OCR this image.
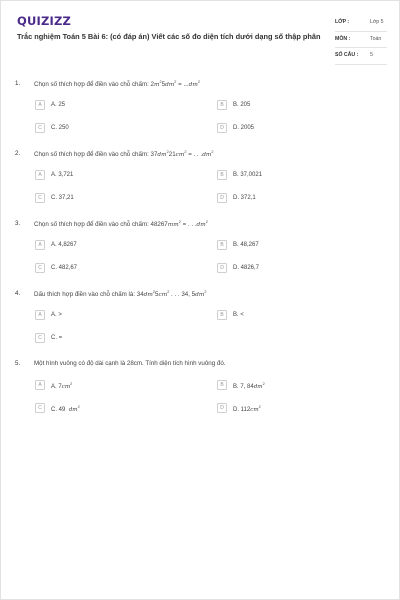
QUIZIZZ
Trắc nghiệm Toán 5 Bài 6: (có đáp án) Viết các số đo diện tích dưới dạng số thập phân
LỚP :	Lớp 5
MÔN :	Toán
SỐ CÂU : 5
1. Chọn số thích hợp để điền vào chỗ chấm: $2m^25dm^2 = ...dm^2$
A	A. 25	B	B. 205
C	C. 250	D	D. 2005
2. Chọn số thích hợp để điền vào chỗ chấm: $37dm^221cm^2$ = . . $.dm^2$
A	A. 3,721	B	B. 37,0021
C	C. 37,21	D	D. 372,1
3. Chọn số thích hợp để điền vào chỗ chấm: $48267mm^2$ = . . $.dm^2$
A	A. 4,8267	B	B. 48,267
C	C. 482,67	D	D. 4826,7
4. Dấu thích hợp điền vào chỗ chấm là: $34dm^25cm^2$ . . . 34, $5dm^2$
A	A. >	B	B. <
C	C. =
5. Một hình vuông có độ dài cạnh là 28cm. Tính diện tích hình vuông đó.
A	A. $7cm^2$	B	B. 7, $84dm^2$
C	C. 49 $dm^2$	D	D. $112cm^2$
